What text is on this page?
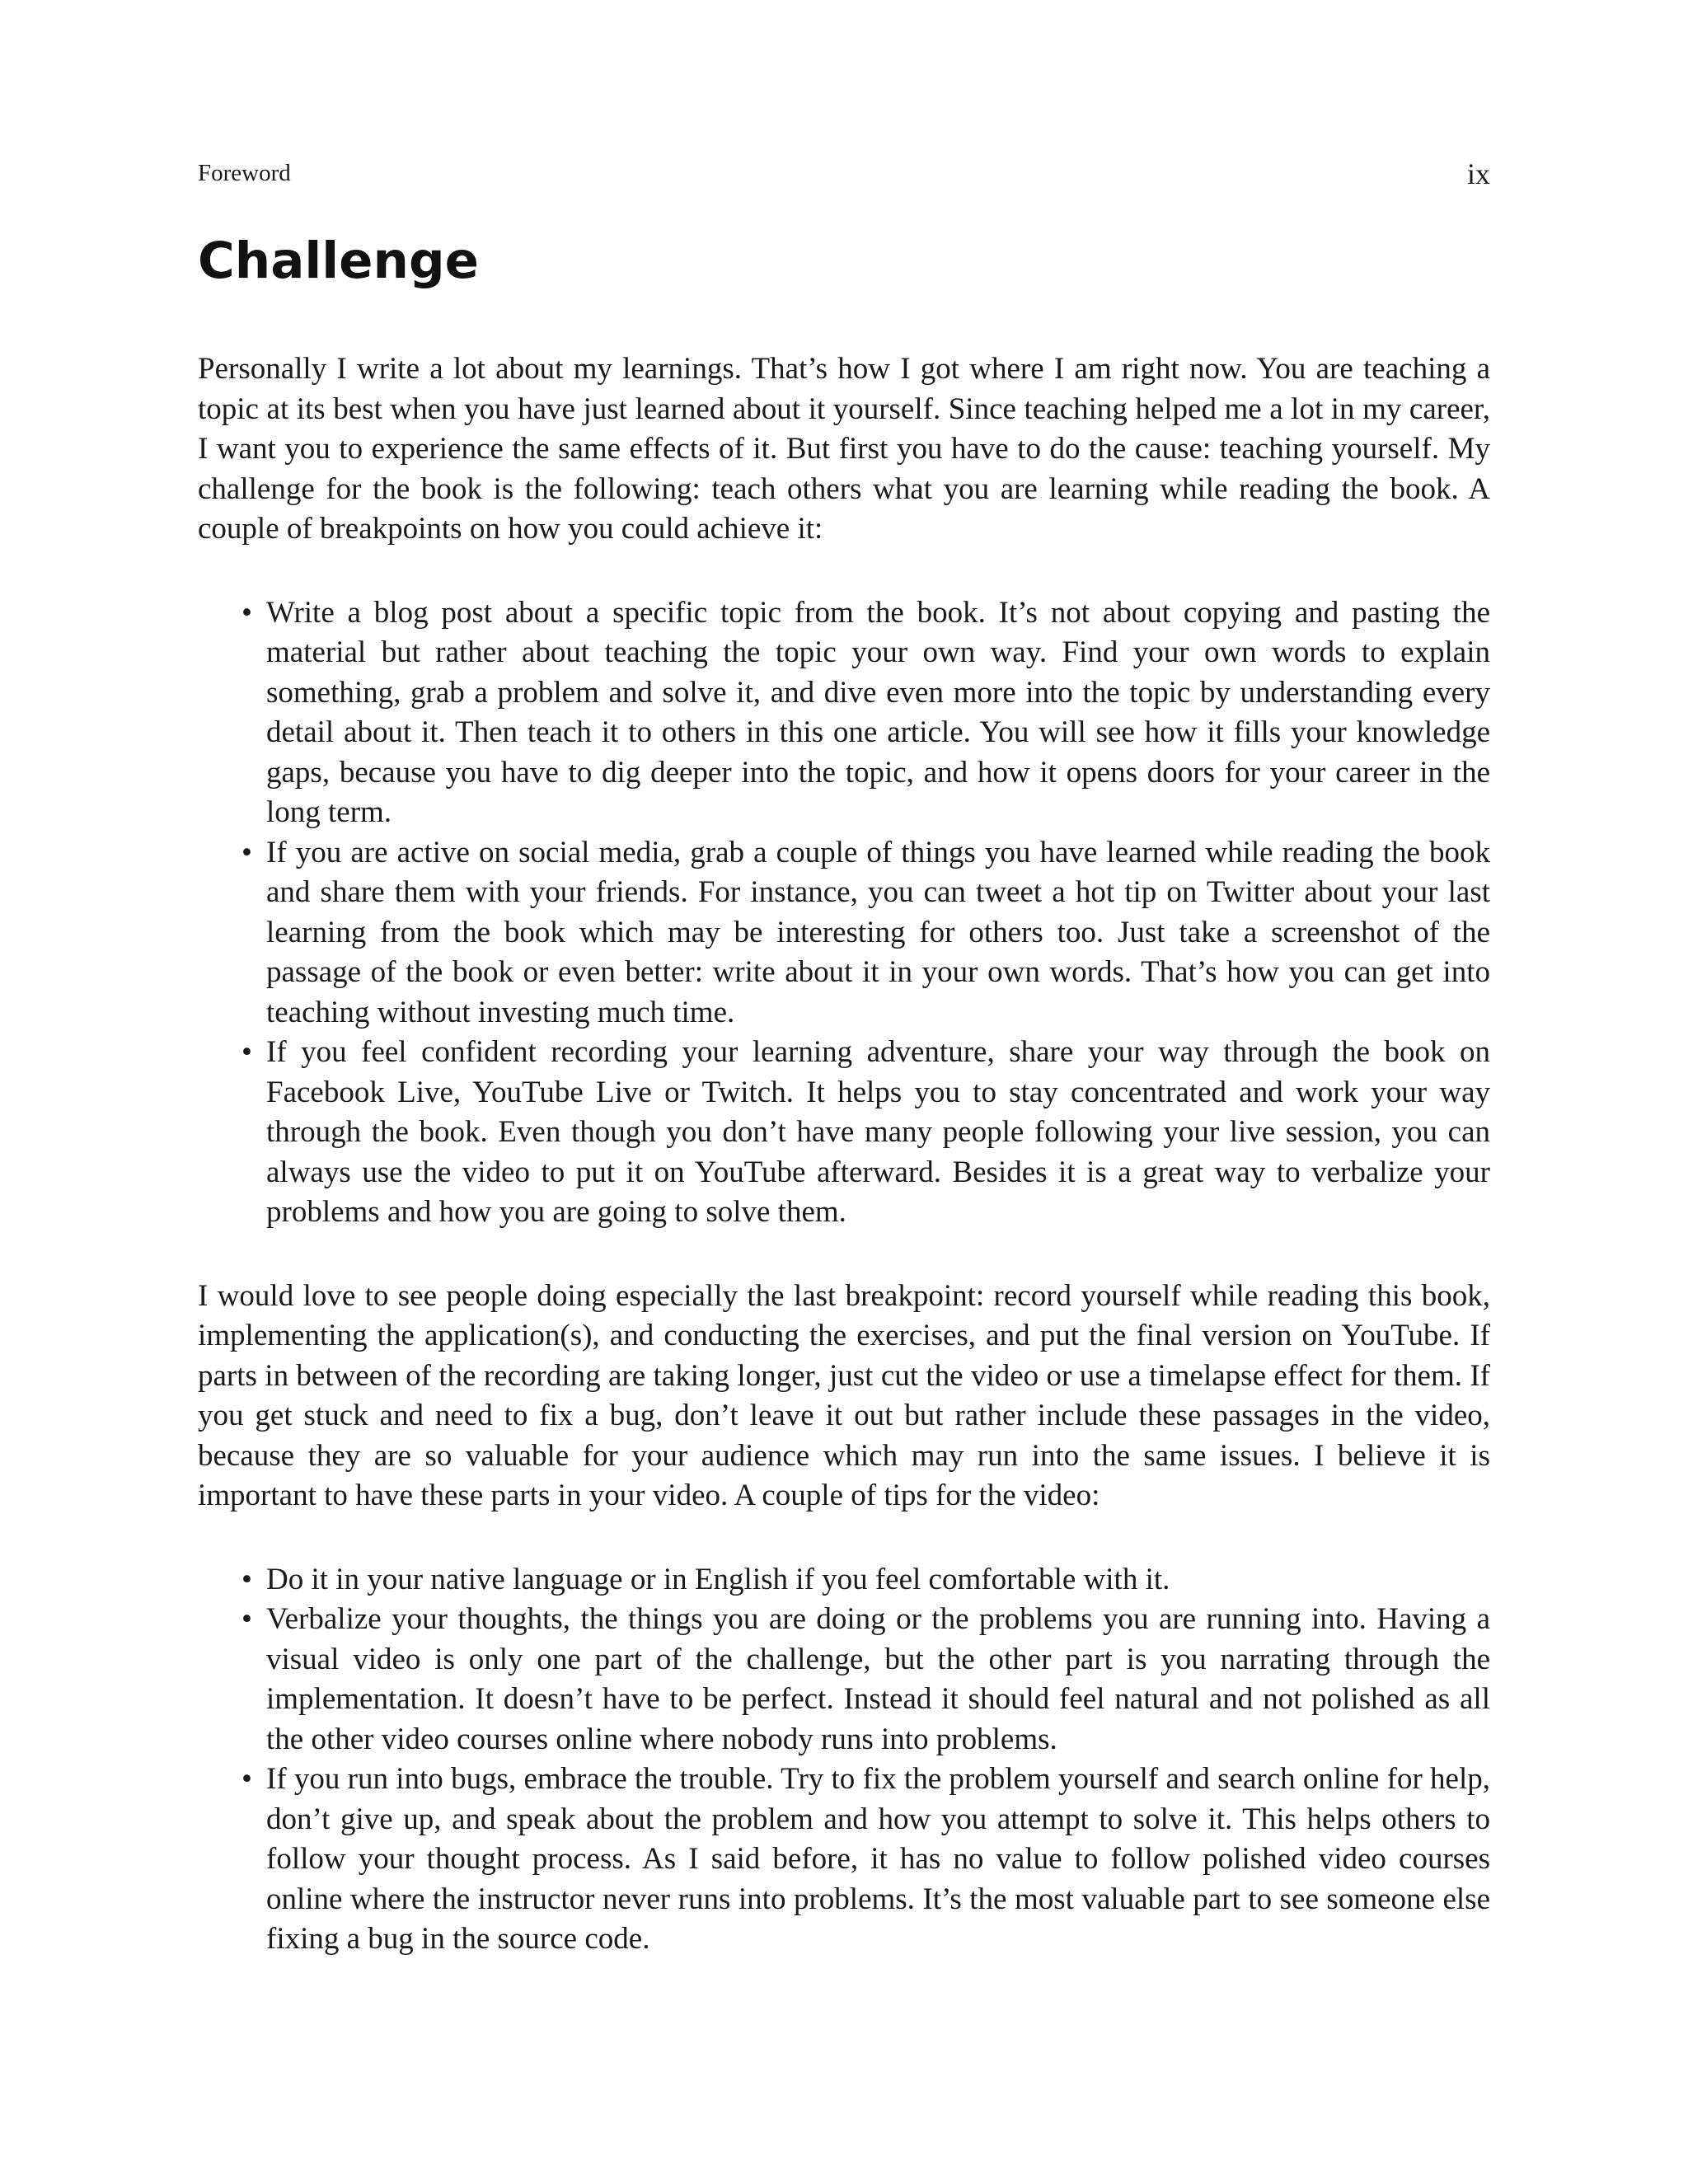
Foreword	ix
Challenge

Personally I write a lot about my learnings. That’s how I got where I am right now. You are teaching a topic at its best when you have just learned about it yourself. Since teaching helped me a lot in my career, I want you to experience the same effects of it. But first you have to do the cause: teaching yourself. My challenge for the book is the following: teach others what you are learning while reading the book. A couple of breakpoints on how you could achieve it:

• Write a blog post about a specific topic from the book. It’s not about copying and pasting the material but rather about teaching the topic your own way. Find your own words to explain something, grab a problem and solve it, and dive even more into the topic by understanding every detail about it. Then teach it to others in this one article. You will see how it fills your knowledge gaps, because you have to dig deeper into the topic, and how it opens doors for your career in the long term.
• If you are active on social media, grab a couple of things you have learned while reading the book and share them with your friends. For instance, you can tweet a hot tip on Twitter about your last learning from the book which may be interesting for others too. Just take a screenshot of the passage of the book or even better: write about it in your own words. That’s how you can get into teaching without investing much time.
• If you feel confident recording your learning adventure, share your way through the book on Facebook Live, YouTube Live or Twitch. It helps you to stay concentrated and work your way through the book. Even though you don’t have many people following your live session, you can always use the video to put it on YouTube afterward. Besides it is a great way to verbalize your problems and how you are going to solve them.

I would love to see people doing especially the last breakpoint: record yourself while reading this book, implementing the application(s), and conducting the exercises, and put the final version on YouTube. If parts in between of the recording are taking longer, just cut the video or use a timelapse effect for them. If you get stuck and need to fix a bug, don’t leave it out but rather include these passages in the video, because they are so valuable for your audience which may run into the same issues. I believe it is important to have these parts in your video. A couple of tips for the video:

• Do it in your native language or in English if you feel comfortable with it.
• Verbalize your thoughts, the things you are doing or the problems you are running into. Having a visual video is only one part of the challenge, but the other part is you narrating through the implementation. It doesn’t have to be perfect. Instead it should feel natural and not polished as all the other video courses online where nobody runs into problems.
• If you run into bugs, embrace the trouble. Try to fix the problem yourself and search online for help, don’t give up, and speak about the problem and how you attempt to solve it. This helps others to follow your thought process. As I said before, it has no value to follow polished video courses online where the instructor never runs into problems. It’s the most valuable part to see someone else fixing a bug in the source code.
